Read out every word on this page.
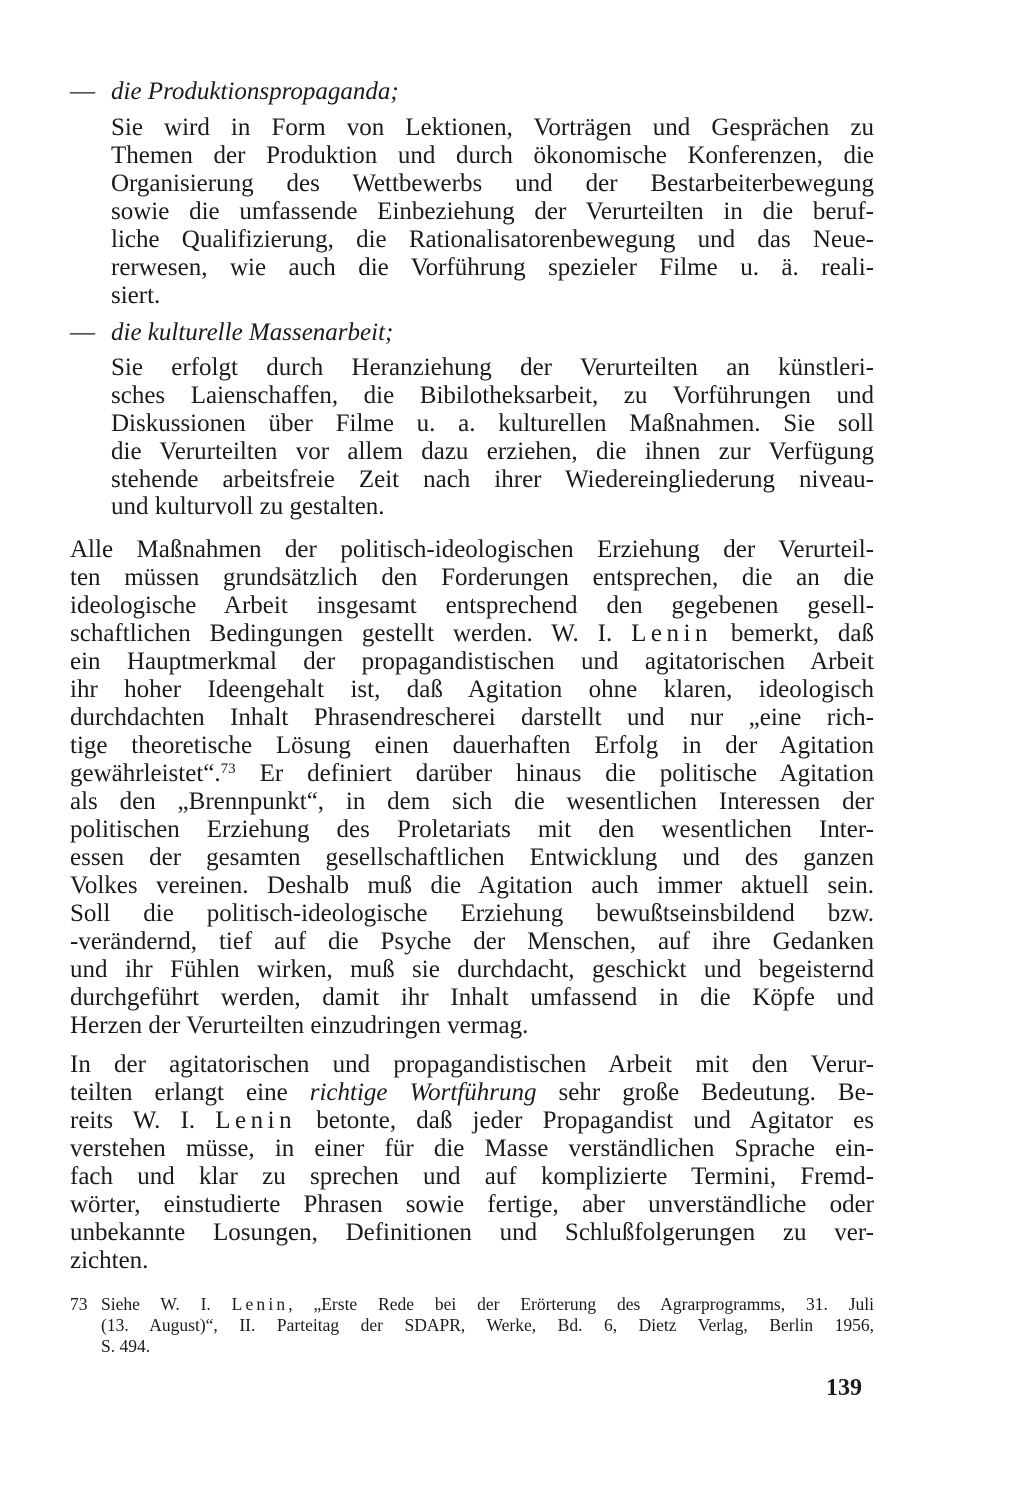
— die Produktionspropaganda;
Sie wird in Form von Lektionen, Vorträgen und Gesprächen zu
Themen der Produktion und durch ökonomische Konferenzen, die
Organisierung des Wettbewerbs und der Bestarbeiterbewegung
sowie die umfassende Einbeziehung der Verurteilten in die beruf-
liche Qualifizierung, die Rationalisatorenbewegung und das Neue-
rerwesen, wie auch die Vorführung spezieler Filme u. ä. reali-
siert.
— die kulturelle Massenarbeit;
Sie erfolgt durch Heranziehung der Verurteilten an künstleri-
sches Laienschaffen, die Bibilotheksarbeit, zu Vorführungen und
Diskussionen über Filme u. a. kulturellen Maßnahmen. Sie soll
die Verurteilten vor allem dazu erziehen, die ihnen zur Verfügung
stehende arbeitsfreie Zeit nach ihrer Wiedereingliederung niveau-
und kulturvoll zu gestalten.
Alle Maßnahmen der politisch-ideologischen Erziehung der Verurteil-
ten müssen grundsätzlich den Forderungen entsprechen, die an die
ideologische Arbeit insgesamt entsprechend den gegebenen gesell-
schaftlichen Bedingungen gestellt werden. W. I. Lenin bemerkt, daß
ein Hauptmerkmal der propagandistischen und agitatorischen Arbeit
ihr hoher Ideengehalt ist, daß Agitation ohne klaren, ideologisch
durchdachten Inhalt Phrasendrescherei darstellt und nur „eine rich-
tige theoretische Lösung einen dauerhaften Erfolg in der Agitation
gewährleistet“.$^{73}$ Er definiert darüber hinaus die politische Agitation
als den „Brennpunkt“, in dem sich die wesentlichen Interessen der
politischen Erziehung des Proletariats mit den wesentlichen Inter-
essen der gesamten gesellschaftlichen Entwicklung und des ganzen
Volkes vereinen. Deshalb muß die Agitation auch immer aktuell sein.
Soll die politisch-ideologische Erziehung bewußtseinsbildend bzw.
-verändernd, tief auf die Psyche der Menschen, auf ihre Gedanken
und ihr Fühlen wirken, muß sie durchdacht, geschickt und begeisternd
durchgeführt werden, damit ihr Inhalt umfassend in die Köpfe und
Herzen der Verurteilten einzudringen vermag.
In der agitatorischen und propagandistischen Arbeit mit den Verur-
teilten erlangt eine richtige Wortführung sehr große Bedeutung. Be-
reits W. I. Lenin betonte, daß jeder Propagandist und Agitator es
verstehen müsse, in einer für die Masse verständlichen Sprache ein-
fach und klar zu sprechen und auf komplizierte Termini, Fremd-
wörter, einstudierte Phrasen sowie fertige, aber unverständliche oder
unbekannte Losungen, Definitionen und Schlußfolgerungen zu ver-
zichten.
73 Siehe W. I. Lenin, „Erste Rede bei der Erörterung des Agrarprogramms, 31. Juli
(13. August)“, II. Parteitag der SDAPR, Werke, Bd. 6, Dietz Verlag, Berlin 1956,
S. 494.
139
